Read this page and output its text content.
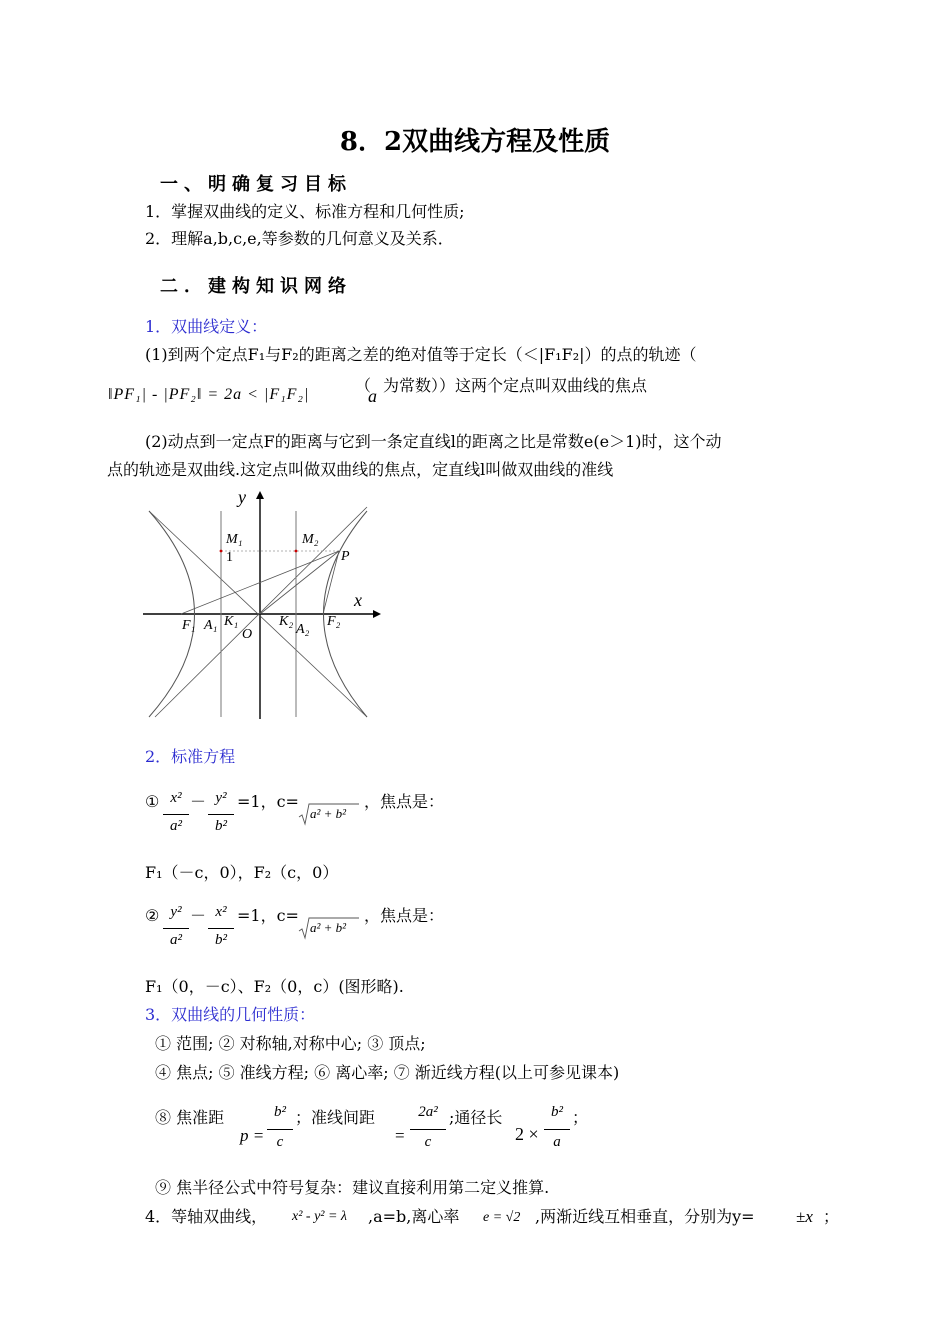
8．2双曲线方程及性质
一、明确复习目标
1．掌握双曲线的定义、标准方程和几何性质;
2．理解a,b,c,e,等参数的几何意义及关系．
二．建构知识网络
1．双曲线定义：
(1)到两个定点F₁与F₂的距离之差的绝对值等于定长（＜|F₁F₂|）的点的轨迹（
‖PF₁| - |PF₂‖ = 2a < |F₁F₂|	（
a
为常数））这两个定点叫双曲线的焦点
(2)动点到一定点F的距离与它到一条定直线l的距离之比是常数e(e＞1)时，这个动
点的轨迹是双曲线.这定点叫做双曲线的焦点，定直线l叫做双曲线的准线
y
x
M₁
1
M₂
P
F₁ A₁ K₁
O
K₂
A₂
F₂
2．标准方程
① x²
a²
－ y²
b²
=1，c=
a² + b²
，焦点是：
F₁（－c，0），F₂（c，0）
② y²
a²
－ x²
b²
=1，c=
a² + b²
，焦点是：
F₁（0，－c）、F₂（0，c）(图形略).
3．双曲线的几何性质：
① 范围; ② 对称轴,对称中心; ③ 顶点;
④ 焦点; ⑤ 准线方程; ⑥ 离心率; ⑦ 渐近线方程(以上可参见课本)
⑧ 焦准距
p =
b²
c
；准线间距
=
2a²
c
;通径长
2 ×
b²
a
；
⑨ 焦半径公式中符号复杂：建议直接利用第二定义推算.
4．等轴双曲线， x² - y² = λ ,a=b,离心率 e = √2 ,两渐近线互相垂直，分别为y= ±x ；
